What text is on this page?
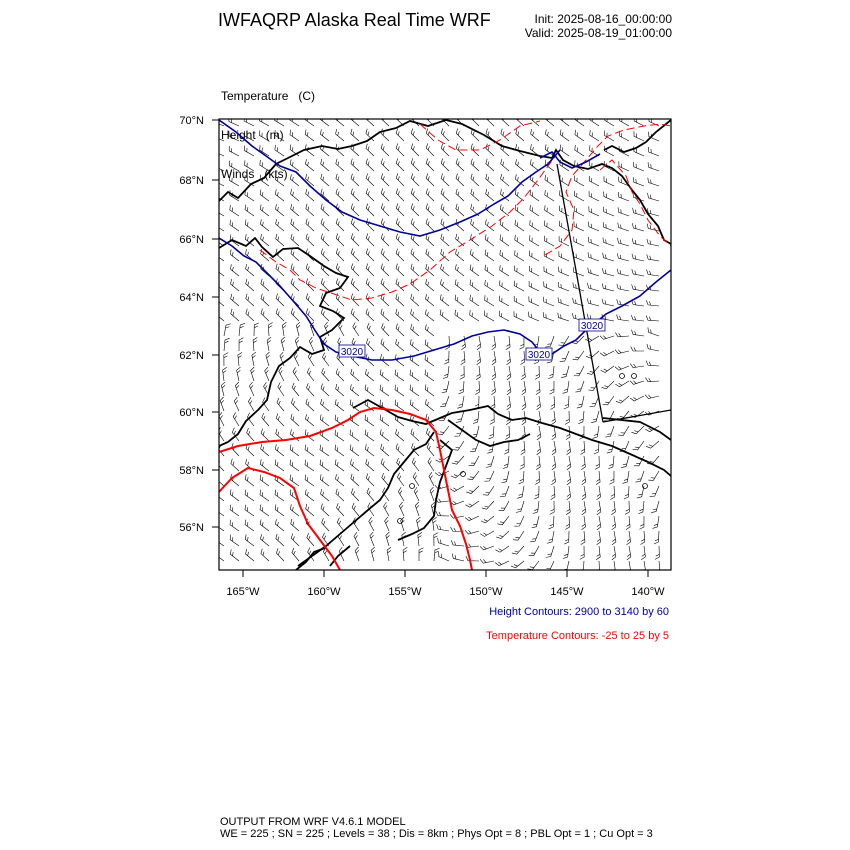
IWFAQRP Alaska Real Time WRF	Init: 2025-08-16_00:00:00
Valid: 2025-08-19_01:00:00

Temperature   (C)

Height   (m)

Winds   (kts)

3020	3020
3020
70°N
68°N
66°N
64°N
62°N
60°N
58°N
56°N
165°W	160°W	155°W	150°W	145°W	140°W
Height Contours: 2900 to 3140 by 60
Temperature Contours: -25 to 25 by 5
OUTPUT FROM WRF V4.6.1 MODEL
WE = 225 ; SN = 225 ; Levels = 38 ; Dis = 8km ; Phys Opt = 8 ; PBL Opt = 1 ; Cu Opt = 3
